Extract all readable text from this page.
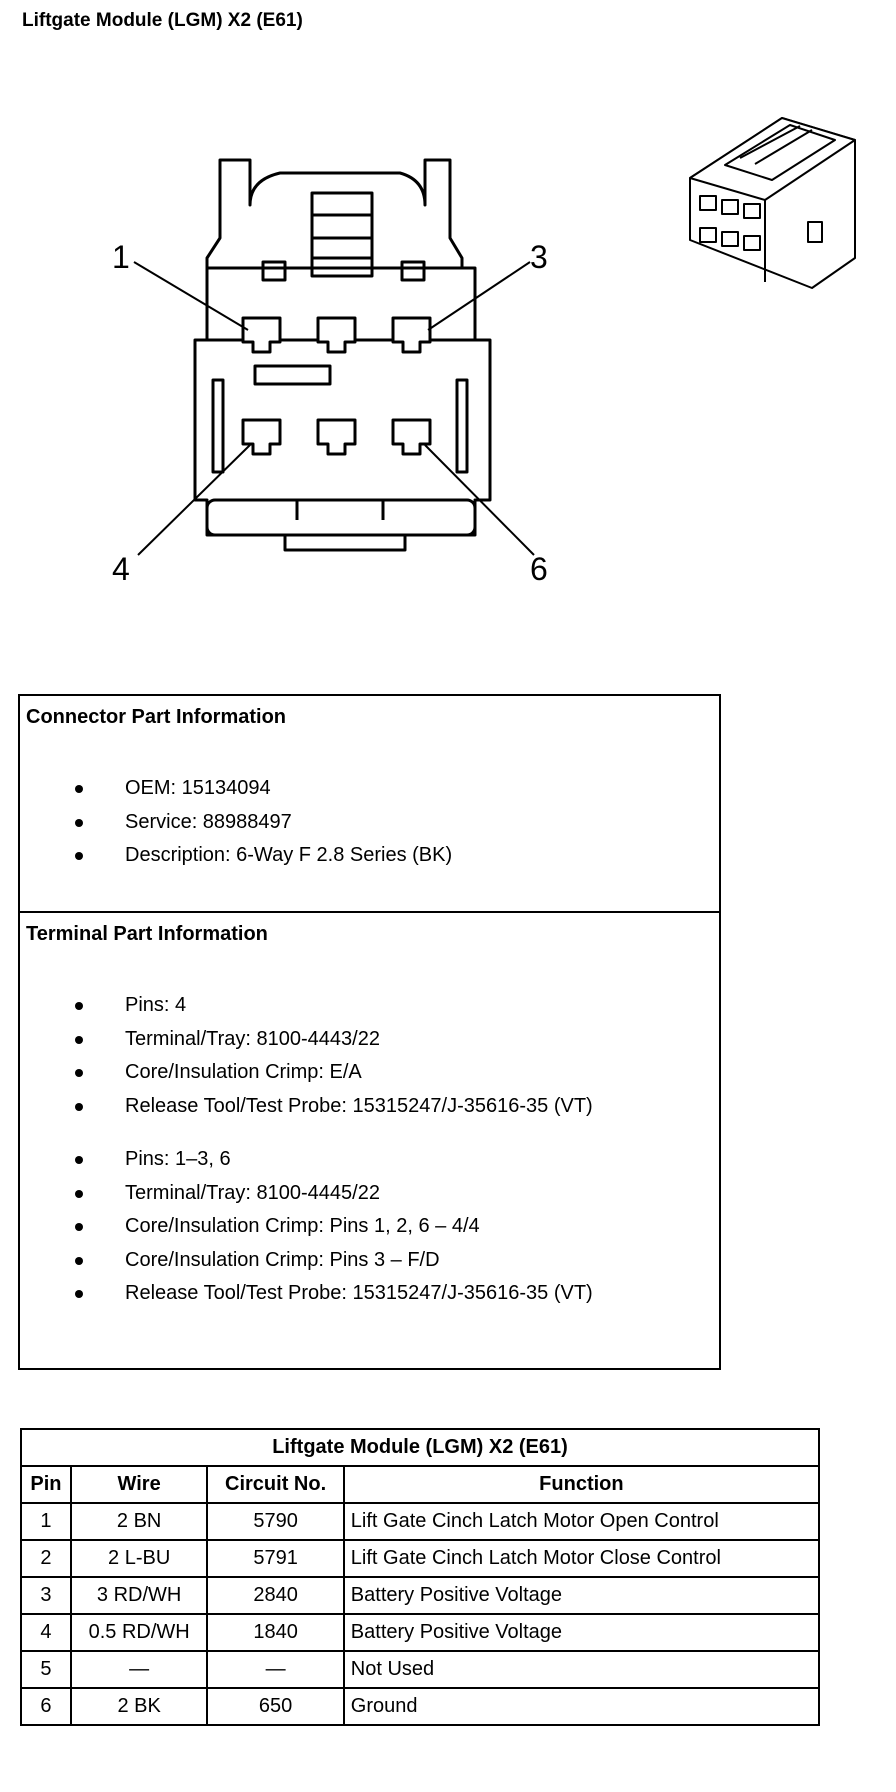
Liftgate Module (LGM) X2 (E61)
1	3
4	6
Connector Part Information
OEM: 15134094
Service: 88988497
Description: 6-Way F 2.8 Series (BK)
Terminal Part Information
Pins: 4
Terminal/Tray: 8100-4443/22
Core/Insulation Crimp: E/A
Release Tool/Test Probe: 15315247/J-35616-35 (VT)
Pins: 1–3, 6
Terminal/Tray: 8100-4445/22
Core/Insulation Crimp: Pins 1, 2, 6 – 4/4
Core/Insulation Crimp: Pins 3 – F/D
Release Tool/Test Probe: 15315247/J-35616-35 (VT)
Liftgate Module (LGM) X2 (E61)			
Pin	Wire	Circuit No.	Function
1	2 BN	5790	Lift Gate Cinch Latch Motor Open Control
2	2 L-BU	5791	Lift Gate Cinch Latch Motor Close Control
3	3 RD/WH	2840	Battery Positive Voltage
4	0.5 RD/WH	1840	Battery Positive Voltage
5	—	—	Not Used
6	2 BK	650	Ground
